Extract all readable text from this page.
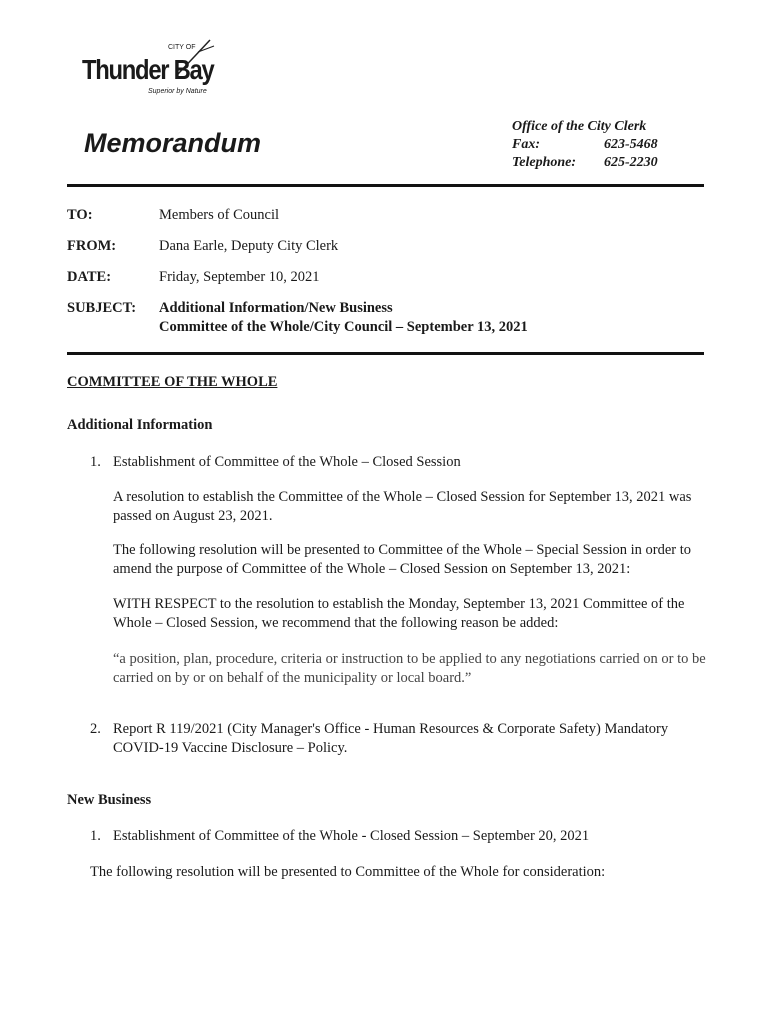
CITY OF
Thunder Bay
Superior by Nature
Memorandum
Office of the City Clerk
Fax:	623-5468
Telephone:	625-2230
TO:	Members of Council
FROM:	Dana Earle, Deputy City Clerk
DATE:	Friday, September 10, 2021
SUBJECT:	Additional Information/New Business
Committee of the Whole/City Council – September 13, 2021
COMMITTEE OF THE WHOLE
Additional Information
1. Establishment of Committee of the Whole – Closed Session
A resolution to establish the Committee of the Whole – Closed Session for September 13, 2021 was passed on August 23, 2021.
The following resolution will be presented to Committee of the Whole – Special Session in order to amend the purpose of Committee of the Whole – Closed Session on September 13, 2021:
WITH RESPECT to the resolution to establish the Monday, September 13, 2021 Committee of the Whole – Closed Session, we recommend that the following reason be added:
“a position, plan, procedure, criteria or instruction to be applied to any negotiations carried on or to be carried on by or on behalf of the municipality or local board.”
2. Report R 119/2021 (City Manager's Office - Human Resources & Corporate Safety) Mandatory COVID-19 Vaccine Disclosure – Policy.
New Business
1. Establishment of Committee of the Whole - Closed Session – September 20, 2021
The following resolution will be presented to Committee of the Whole for consideration:
